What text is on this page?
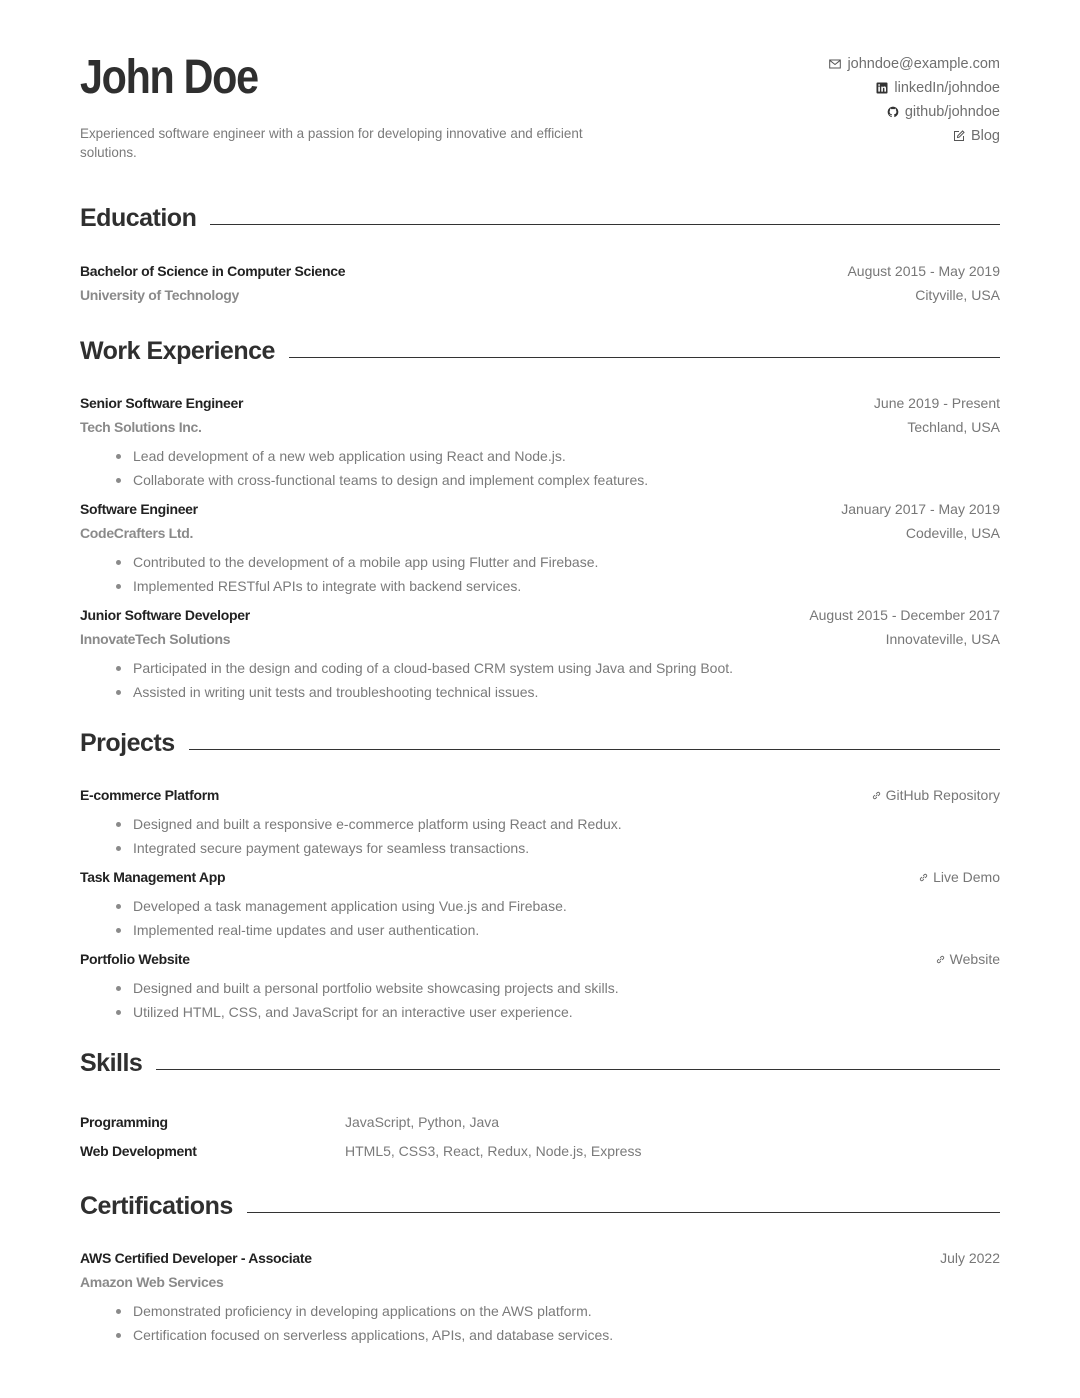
John Doe
Experienced software engineer with a passion for developing innovative and efficient solutions.
johndoe@example.com
linkedIn/johndoe
github/johndoe
Blog
Education
Bachelor of Science in Computer Science	August 2015 - May 2019
University of Technology	Cityville, USA
Work Experience
Senior Software Engineer	June 2019 - Present
Tech Solutions Inc.	Techland, USA
Lead development of a new web application using React and Node.js.
Collaborate with cross-functional teams to design and implement complex features.
Software Engineer	January 2017 - May 2019
CodeCrafters Ltd.	Codeville, USA
Contributed to the development of a mobile app using Flutter and Firebase.
Implemented RESTful APIs to integrate with backend services.
Junior Software Developer	August 2015 - December 2017
InnovateTech Solutions	Innovateville, USA
Participated in the design and coding of a cloud-based CRM system using Java and Spring Boot.
Assisted in writing unit tests and troubleshooting technical issues.
Projects
E-commerce Platform	GitHub Repository
Designed and built a responsive e-commerce platform using React and Redux.
Integrated secure payment gateways for seamless transactions.
Task Management App	Live Demo
Developed a task management application using Vue.js and Firebase.
Implemented real-time updates and user authentication.
Portfolio Website	Website
Designed and built a personal portfolio website showcasing projects and skills.
Utilized HTML, CSS, and JavaScript for an interactive user experience.
Skills
Programming	JavaScript, Python, Java
Web Development	HTML5, CSS3, React, Redux, Node.js, Express
Certifications
AWS Certified Developer - Associate	July 2022
Amazon Web Services
Demonstrated proficiency in developing applications on the AWS platform.
Certification focused on serverless applications, APIs, and database services.
